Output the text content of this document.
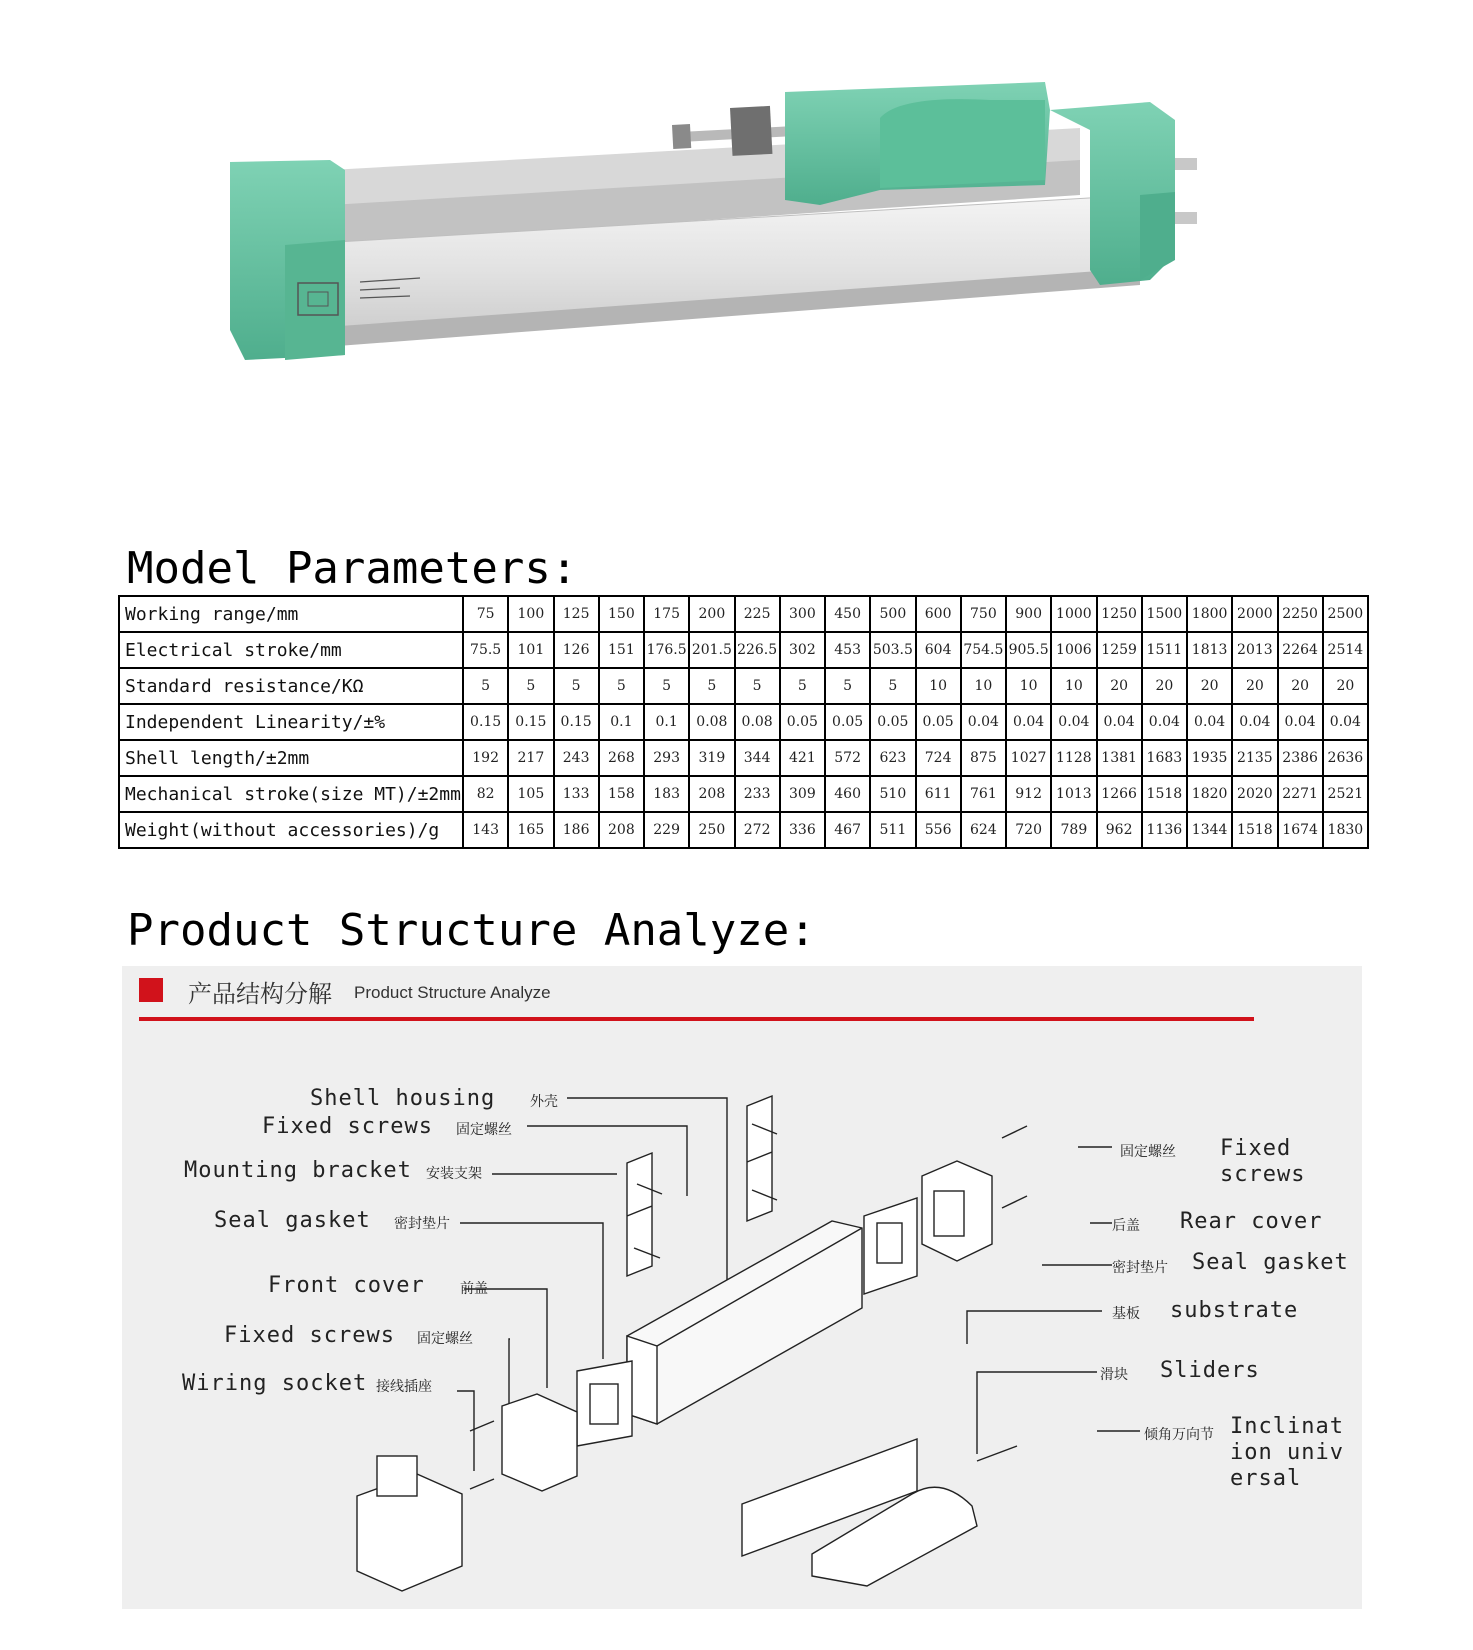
Model Parameters:
Working range/mm	75	100	125	150	175	200	225	300	450	500	600	750	900	1000	1250	1500	1800	2000	2250	2500
Electrical stroke/mm	75.5	101	126	151	176.5	201.5	226.5	302	453	503.5	604	754.5	905.5	1006	1259	1511	1813	2013	2264	2514
Standard resistance/KΩ	5	5	5	5	5	5	5	5	5	5	10	10	10	10	20	20	20	20	20	20
Independent Linearity/±%	0.15	0.15	0.15	0.1	0.1	0.08	0.08	0.05	0.05	0.05	0.05	0.04	0.04	0.04	0.04	0.04	0.04	0.04	0.04	0.04
Shell length/±2mm	192	217	243	268	293	319	344	421	572	623	724	875	1027	1128	1381	1683	1935	2135	2386	2636
Mechanical stroke(size MT)/±2mm	82	105	133	158	183	208	233	309	460	510	611	761	912	1013	1266	1518	1820	2020	2271	2521
Weight(without accessories)/g	143	165	186	208	229	250	272	336	467	511	556	624	720	789	962	1136	1344	1518	1674	1830
Product Structure Analyze:
产品结构分解 Product Structure Analyze
Shell housing 外壳
Fixed screws 固定螺丝
Mounting bracket 安装支架
Seal gasket 密封垫片
Front cover	前盖
Fixed screws 固定螺丝
Wiring socket 接线插座
固定螺丝 Fixed screws
后盖 Rear cover
密封垫片 Seal gasket
基板 substrate
滑块 Sliders
倾角万向节 Inclination universal
